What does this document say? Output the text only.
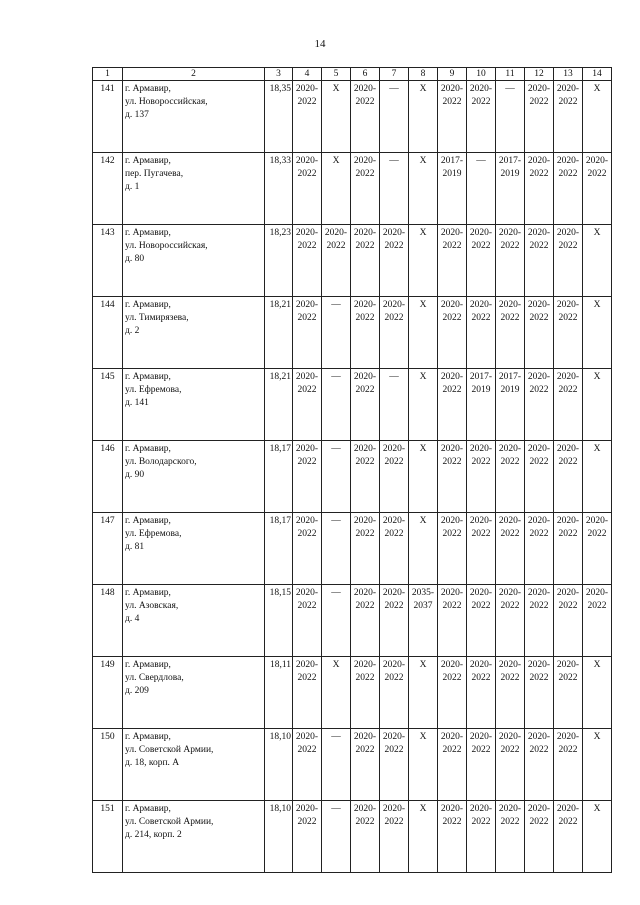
14
1	2	3	4	5	6	7	8	9	10	11	12	13	14
141	г. Армавир,
ул. Новороссийская,
д. 137	18,35	2020-2022	X	2020-2022	—	X	2020-2022	2020-2022	—	2020-2022	2020-2022	X
142	г. Армавир,
пер. Пугачева,
д. 1	18,33	2020-2022	X	2020-2022	—	X	2017-2019	—	2017-2019	2020-2022	2020-2022	2020-2022
143	г. Армавир,
ул. Новороссийская,
д. 80	18,23	2020-2022	2020-2022	2020-2022	2020-2022	X	2020-2022	2020-2022	2020-2022	2020-2022	2020-2022	X
144	г. Армавир,
ул. Тимирязева,
д. 2	18,21	2020-2022	—	2020-2022	2020-2022	X	2020-2022	2020-2022	2020-2022	2020-2022	2020-2022	X
145	г. Армавир,
ул. Ефремова,
д. 141	18,21	2020-2022	—	2020-2022	—	X	2020-2022	2017-2019	2017-2019	2020-2022	2020-2022	X
146	г. Армавир,
ул. Володарского,
д. 90	18,17	2020-2022	—	2020-2022	2020-2022	X	2020-2022	2020-2022	2020-2022	2020-2022	2020-2022	X
147	г. Армавир,
ул. Ефремова,
д. 81	18,17	2020-2022	—	2020-2022	2020-2022	X	2020-2022	2020-2022	2020-2022	2020-2022	2020-2022	2020-2022
148	г. Армавир,
ул. Азовская,
д. 4	18,15	2020-2022	—	2020-2022	2020-2022	2035-2037	2020-2022	2020-2022	2020-2022	2020-2022	2020-2022	2020-2022
149	г. Армавир,
ул. Свердлова,
д. 209	18,11	2020-2022	X	2020-2022	2020-2022	X	2020-2022	2020-2022	2020-2022	2020-2022	2020-2022	X
150	г. Армавир,
ул. Советской Армии,
д. 18, корп. А	18,10	2020-2022	—	2020-2022	2020-2022	X	2020-2022	2020-2022	2020-2022	2020-2022	2020-2022	X
151	г. Армавир,
ул. Советской Армии,
д. 214, корп. 2	18,10	2020-2022	—	2020-2022	2020-2022	X	2020-2022	2020-2022	2020-2022	2020-2022	2020-2022	X
